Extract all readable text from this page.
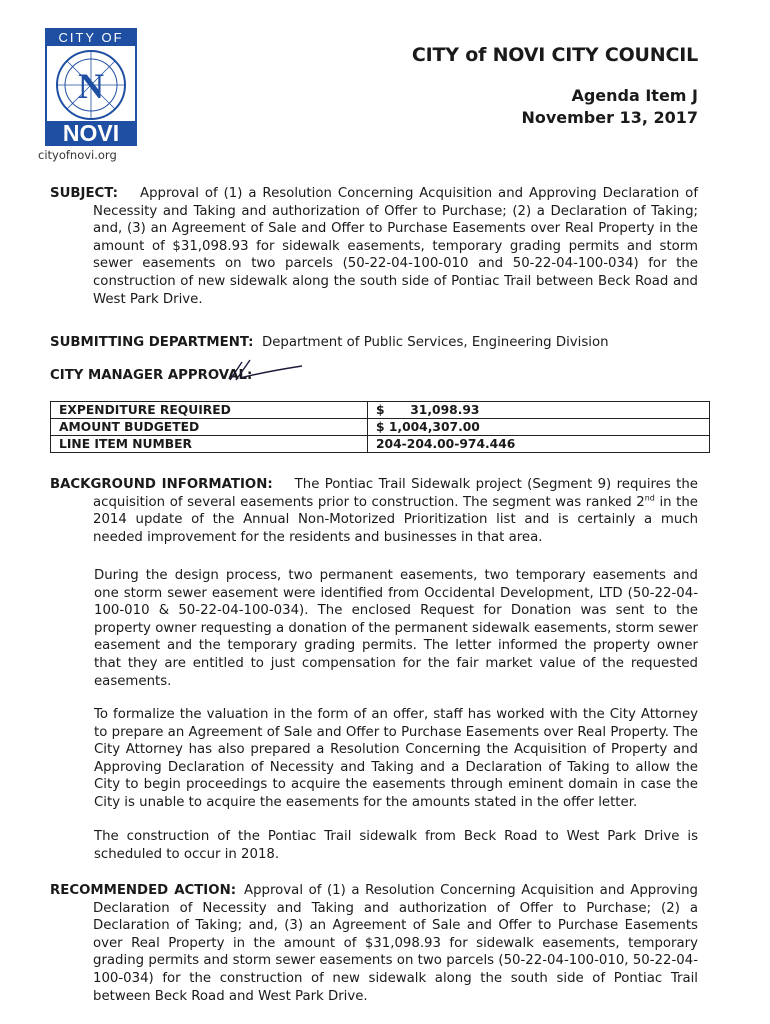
CITY OF
N
NOVI
cityofnovi.org
CITY of NOVI CITY COUNCIL
Agenda Item J
November 13, 2017
SUBJECT: Approval of (1) a Resolution Concerning Acquisition and Approving Declaration of Necessity and Taking and authorization of Offer to Purchase; (2) a Declaration of Taking; and, (3) an Agreement of Sale and Offer to Purchase Easements over Real Property in the amount of $31,098.93 for sidewalk easements, temporary grading permits and storm sewer easements on two parcels (50-22-04-100-010 and 50-22-04-100-034) for the construction of new sidewalk along the south side of Pontiac Trail between Beck Road and West Park Drive.
SUBMITTING DEPARTMENT: Department of Public Services, Engineering Division
CITY MANAGER APPROVAL:
EXPENDITURE REQUIRED	$      31,098.93
AMOUNT BUDGETED	$ 1,004,307.00
LINE ITEM NUMBER	204-204.00-974.446
BACKGROUND INFORMATION: The Pontiac Trail Sidewalk project (Segment 9) requires the acquisition of several easements prior to construction. The segment was ranked 2nd in the 2014 update of the Annual Non-Motorized Prioritization list and is certainly a much needed improvement for the residents and businesses in that area.
During the design process, two permanent easements, two temporary easements and one storm sewer easement were identified from Occidental Development, LTD (50-22-04-100-010 & 50-22-04-100-034). The enclosed Request for Donation was sent to the property owner requesting a donation of the permanent sidewalk easements, storm sewer easement and the temporary grading permits. The letter informed the property owner that they are entitled to just compensation for the fair market value of the requested easements.
To formalize the valuation in the form of an offer, staff has worked with the City Attorney to prepare an Agreement of Sale and Offer to Purchase Easements over Real Property. The City Attorney has also prepared a Resolution Concerning the Acquisition of Property and Approving Declaration of Necessity and Taking and a Declaration of Taking to allow the City to begin proceedings to acquire the easements through eminent domain in case the City is unable to acquire the easements for the amounts stated in the offer letter.
The construction of the Pontiac Trail sidewalk from Beck Road to West Park Drive is scheduled to occur in 2018.
RECOMMENDED ACTION: Approval of (1) a Resolution Concerning Acquisition and Approving Declaration of Necessity and Taking and authorization of Offer to Purchase; (2) a Declaration of Taking; and, (3) an Agreement of Sale and Offer to Purchase Easements over Real Property in the amount of $31,098.93 for sidewalk easements, temporary grading permits and storm sewer easements on two parcels (50-22-04-100-010, 50-22-04-100-034) for the construction of new sidewalk along the south side of Pontiac Trail between Beck Road and West Park Drive.
